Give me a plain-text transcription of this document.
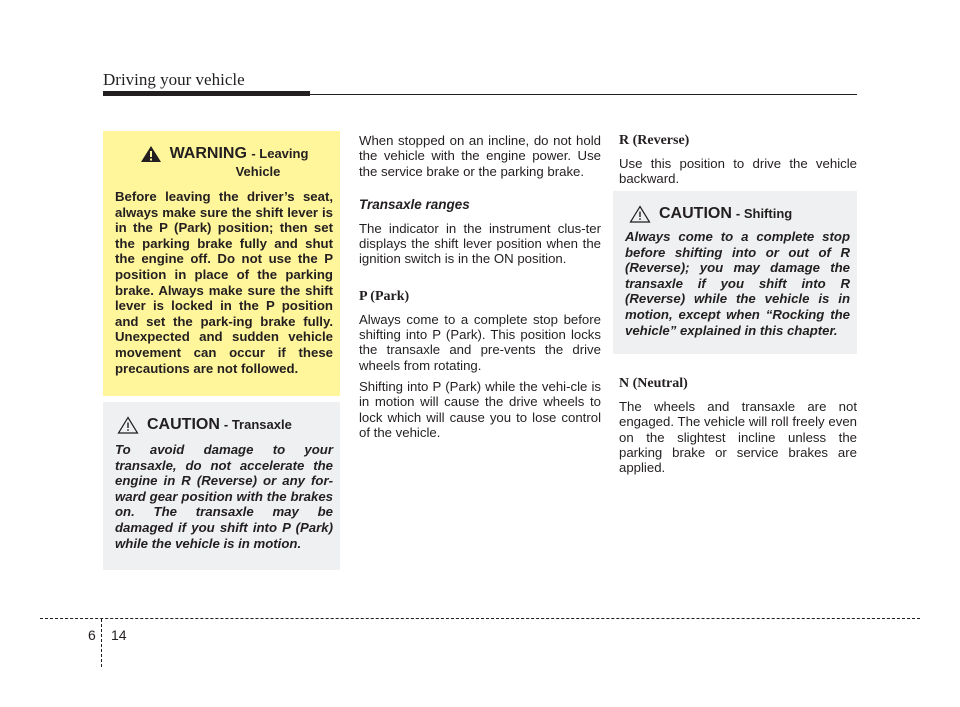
Driving your vehicle
WARNING - Leaving
Vehicle

Before leaving the driver’s seat, always make sure the shift lever is in the P (Park) position; then set the parking brake fully and shut the engine off. Do not use the P position in place of the parking brake. Always make sure the shift lever is locked in the P position and set the park-ing brake fully. Unexpected and sudden vehicle movement can occur if these precautions are not followed.

CAUTION - Transaxle

To avoid damage to your transaxle, do not accelerate the engine in R (Reverse) or any for-ward gear position with the brakes on. The transaxle may be damaged if you shift into P (Park) while the vehicle is in motion.

When stopped on an incline, do not hold the vehicle with the engine power. Use the service brake or the parking brake.

Transaxle ranges

The indicator in the instrument clus-ter displays the shift lever position when the ignition switch is in the ON position.

P (Park)

Always come to a complete stop before shifting into P (Park). This position locks the transaxle and pre-vents the drive wheels from rotating.

Shifting into P (Park) while the vehi-cle is in motion will cause the drive wheels to lock which will cause you to lose control of the vehicle.

R (Reverse)

Use this position to drive the vehicle backward.

CAUTION - Shifting

Always come to a complete stop before shifting into or out of R (Reverse); you may damage the transaxle if you shift into R (Reverse) while the vehicle is in motion, except when “Rocking the vehicle” explained in this chapter.

N (Neutral)

The wheels and transaxle are not engaged. The vehicle will roll freely even on the slightest incline unless the parking brake or service brakes are applied.

6 14
